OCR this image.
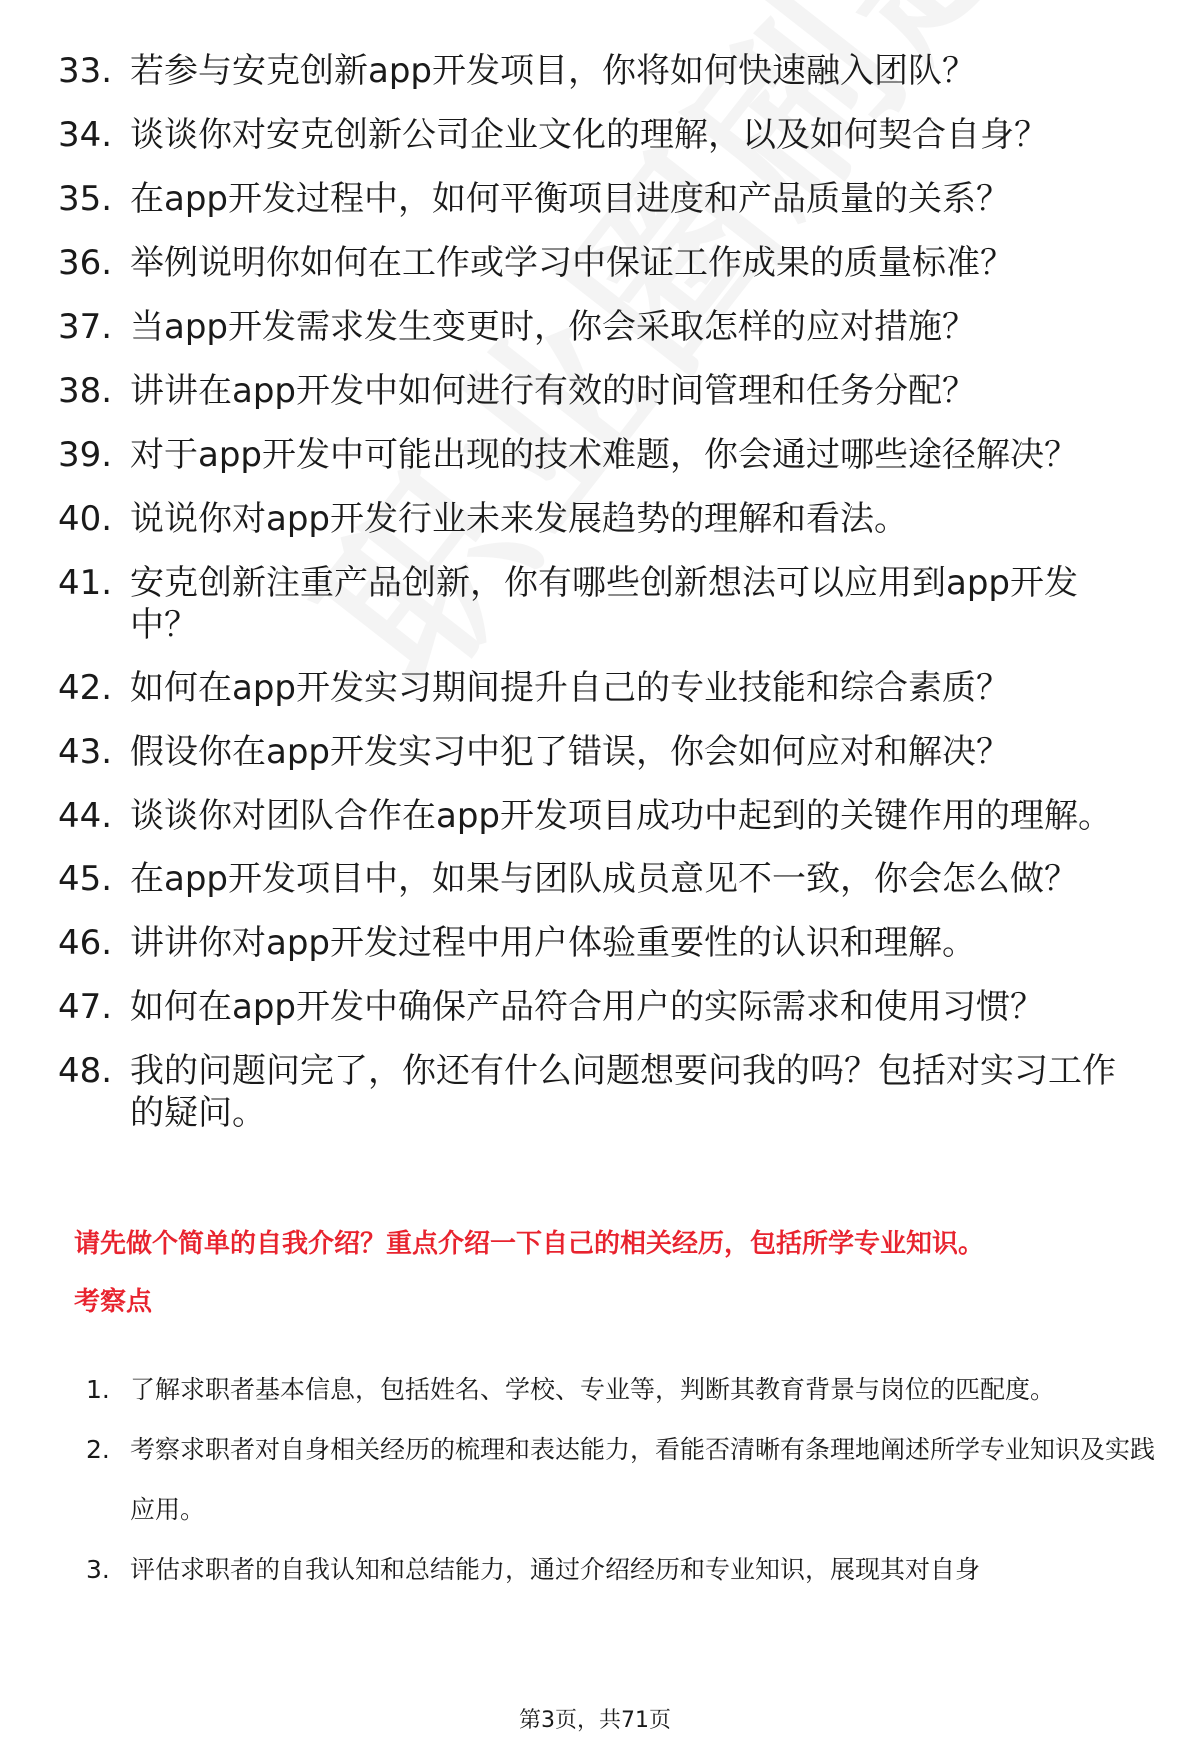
33. 若参与安克创新app开发项目，你将如何快速融入团队？
34. 谈谈你对安克创新公司企业文化的理解，以及如何契合自身？
35. 在app开发过程中，如何平衡项目进度和产品质量的关系？
36. 举例说明你如何在工作或学习中保证工作成果的质量标准？
37. 当app开发需求发生变更时，你会采取怎样的应对措施？
38. 讲讲在app开发中如何进行有效的时间管理和任务分配？
39. 对于app开发中可能出现的技术难题，你会通过哪些途径解决？
40. 说说你对app开发行业未来发展趋势的理解和看法。
41. 安克创新注重产品创新，你有哪些创新想法可以应用到app开发中？
42. 如何在app开发实习期间提升自己的专业技能和综合素质？
43. 假设你在app开发实习中犯了错误，你会如何应对和解决？
44. 谈谈你对团队合作在app开发项目成功中起到的关键作用的理解。
45. 在app开发项目中，如果与团队成员意见不一致，你会怎么做？
46. 讲讲你对app开发过程中用户体验重要性的认识和理解。
47. 如何在app开发中确保产品符合用户的实际需求和使用习惯？
48. 我的问题问完了，你还有什么问题想要问我的吗？包括对实习工作的疑问。
请先做个简单的自我介绍？重点介绍一下自己的相关经历，包括所学专业知识。
考察点
1. 了解求职者基本信息，包括姓名、学校、专业等，判断其教育背景与岗位的匹配度。
2. 考察求职者对自身相关经历的梳理和表达能力，看能否清晰有条理地阐述所学专业知识及实践应用。
3. 评估求职者的自我认知和总结能力，通过介绍经历和专业知识，展现其对自身
第3页，共71页
